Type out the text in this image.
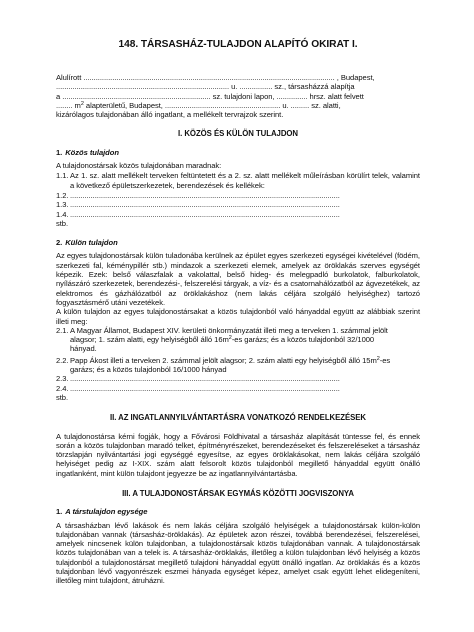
148. TÁRSASHÁZ-TULAJDON ALAPÍTÓ OKIRAT I.

Alulírott .......................................................................................................................... , Budapest,

.................................................................................... u. ................ sz., társasházzá alapítja

a ........................................................................ sz. tulajdoni lapon, ............... hrsz. alatt felvett

........ $m^2$ alapterületű, Budapest, ........................................................ u. ......... sz. alatti,

kizárólagos tulajdonában álló ingatlant, a mellékelt tervrajzok szerint.

I. KÖZÖS ÉS KÜLÖN TULAJDON
1. Közös tulajdon

A tulajdonostársak közös tulajdonában maradnak:

1.1. Az 1. sz. alatt mellékelt terveken feltüntetett és a 2. sz. alatt mellékelt műleírásban körülírt telek, valamint a következő épületszerkezetek, berendezések és kellékek:
1.2. ...................................................................................................................................
1.3. ...................................................................................................................................
1.4. ...................................................................................................................................
stb.
2. Külön tulajdon

Az egyes tulajdonostársak külön tuladonába kerülnek az épület egyes szerkezeti egységei kivételével (födém, szerkezeti fal, kéménypillér stb.) mindazok a szerkezeti elemek, amelyek az öröklakás szerves egységét képezik. Ezek: belső válaszfalak a vakolattal, belső hideg- és melegpadló burkolatok, falburkolatok, nyílászáró szerkezetek, berendezési-, felszerelési tárgyak, a víz- és a csatornahálózatból az ágvezetékek, az elektromos és gázhálózatból az öröklakáshoz (nem lakás céljára szolgáló helyiséghez) tartozó fogyasztásmérő utáni vezetékek.

A külön tulajdon az egyes tulajdonostársakat a közös tulajdonból való hányaddal együtt az alábbiak szerint illeti meg:

2.1. A Magyar Államot, Budapest XIV. kerületi önkormányzatát illeti meg a terveken 1. számmal jelölt

alagsor; 1. szám alatti, egy helyiségből álló $16m^2-es$ garázs; és a közös tulajdonból 32/1000

hányad.

2.2. Papp Ákost illeti a terveken 2. számmal jelölt alagsor; 2. szám alatti egy helyiségből álló $15m^2-es$

garázs; és a közös tulajdonból 16/1000 hányad

2.3. ...................................................................................................................................
2.4. ...................................................................................................................................
stb.
II. AZ INGATLANNYILVÁNTARTÁSRA VONATKOZÓ RENDELKEZÉSEK

A tulajdonostársa kérni fogják, hogy a Fővárosi Földhivatal a társasház alapítását tüntesse fel, és ennek során a közös tulajdonban maradó telket, építményrészeket, berendezéseket és felszereléseket a társasház törzslapján nyilvántartási jogi egységgé egyesítse, az egyes öröklakásokat, nem lakás céljára szolgáló helyiséget pedig az I-XIX. szám alatt felsorolt közös tulajdonból megillető hányaddal együtt önálló ingatlanként, mint külön tulajdont jegyezze be az ingatlannyilvántartásba.

III. A TULAJDONOSTÁRSAK EGYMÁS KÖZÖTTI JOGVISZONYA
1. A társtulajdon egysége

A társasházban lévő lakások és nem lakás céljára szolgáló helyiségek a tulajdonostársak külön-külön tulajdonában vannak (társasház-öröklakás). Az épületek azon részei, továbbá berendezései, felszerelései, amelyek nincsenek külön tulajdonban, a tulajdonostársak közös tulajdonában vannak. A tulajdonostársak közös tulajdonában van a telek is. A társasház-öröklakás, illetőleg a külön tulajdonban lévő helyiség a közös tulajdonból a tulajdonostársat megillető tulajdoni hányaddal együtt önálló ingatlan. Az öröklakás és a közös tulajdonban lévő vagyonrészek eszmei hányada egységet képez, amelyet csak együtt lehet elidegeníteni, illetőleg mint tulajdont, átruházni.
